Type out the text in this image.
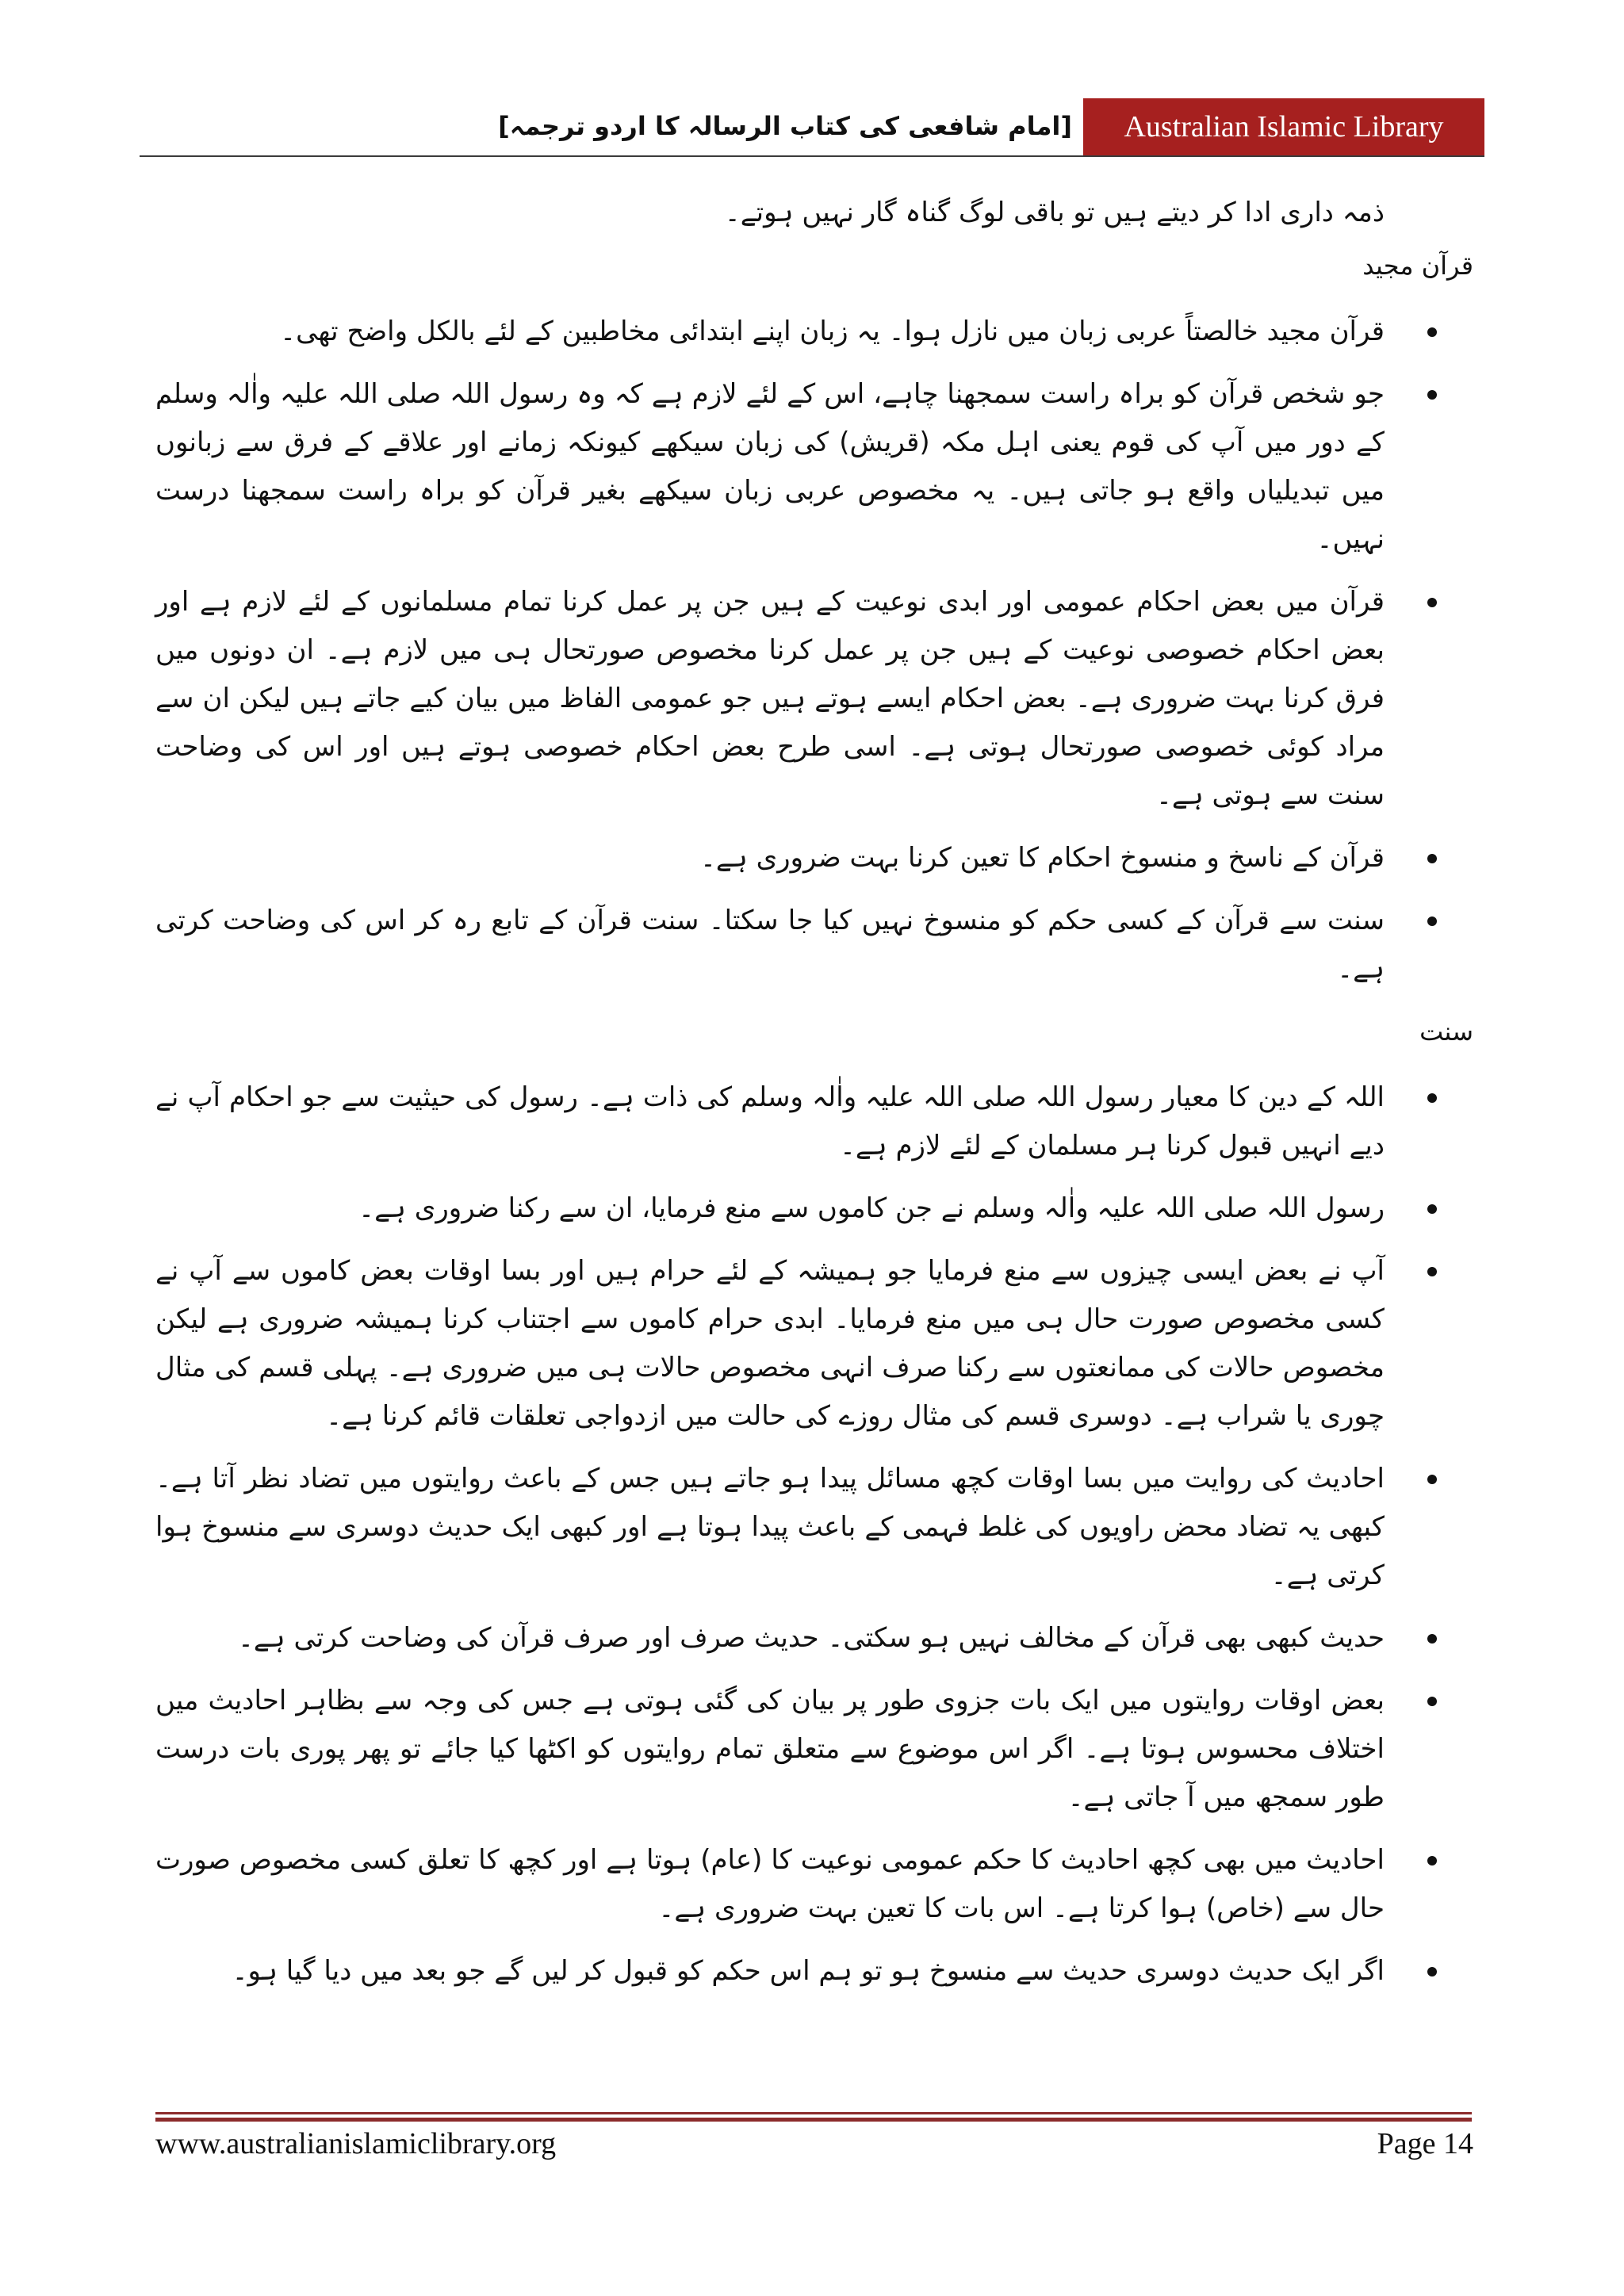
[امام شافعی کی کتاب الرسالہ کا اردو ترجمہ]	Australian Islamic Library

ذمہ داری ادا کر دیتے ہیں تو باقی لوگ گناہ گار نہیں ہوتے۔

قرآن مجید
قرآن مجید خالصتاً عربی زبان میں نازل ہوا۔ یہ زبان اپنے ابتدائی مخاطبین کے لئے بالکل واضح تھی۔
جو شخص قرآن کو براہ راست سمجھنا چاہے، اس کے لئے لازم ہے کہ وہ رسول اللہ صلی اللہ علیہ واٰلہ وسلم کے دور میں آپ کی قوم یعنی اہل مکہ (قریش) کی زبان سیکھے کیونکہ زمانے اور علاقے کے فرق سے زبانوں میں تبدیلیاں واقع ہو جاتی ہیں۔ یہ مخصوص عربی زبان سیکھے بغیر قرآن کو براہ راست سمجھنا درست نہیں۔
قرآن میں بعض احکام عمومی اور ابدی نوعیت کے ہیں جن پر عمل کرنا تمام مسلمانوں کے لئے لازم ہے اور بعض احکام خصوصی نوعیت کے ہیں جن پر عمل کرنا مخصوص صورتحال ہی میں لازم ہے۔ ان دونوں میں فرق کرنا بہت ضروری ہے۔ بعض احکام ایسے ہوتے ہیں جو عمومی الفاظ میں بیان کیے جاتے ہیں لیکن ان سے مراد کوئی خصوصی صورتحال ہوتی ہے۔ اسی طرح بعض احکام خصوصی ہوتے ہیں اور اس کی وضاحت سنت سے ہوتی ہے۔
قرآن کے ناسخ و منسوخ احکام کا تعین کرنا بہت ضروری ہے۔
سنت سے قرآن کے کسی حکم کو منسوخ نہیں کیا جا سکتا۔ سنت قرآن کے تابع رہ کر اس کی وضاحت کرتی ہے۔
سنت
اللہ کے دین کا معیار رسول اللہ صلی اللہ علیہ واٰلہ وسلم کی ذات ہے۔ رسول کی حیثیت سے جو احکام آپ نے دیے انہیں قبول کرنا ہر مسلمان کے لئے لازم ہے۔
رسول اللہ صلی اللہ علیہ واٰلہ وسلم نے جن کاموں سے منع فرمایا، ان سے رکنا ضروری ہے۔
آپ نے بعض ایسی چیزوں سے منع فرمایا جو ہمیشہ کے لئے حرام ہیں اور بسا اوقات بعض کاموں سے آپ نے کسی مخصوص صورت حال ہی میں منع فرمایا۔ ابدی حرام کاموں سے اجتناب کرنا ہمیشہ ضروری ہے لیکن مخصوص حالات کی ممانعتوں سے رکنا صرف انہی مخصوص حالات ہی میں ضروری ہے۔ پہلی قسم کی مثال چوری یا شراب ہے۔ دوسری قسم کی مثال روزے کی حالت میں ازدواجی تعلقات قائم کرنا ہے۔
احادیث کی روایت میں بسا اوقات کچھ مسائل پیدا ہو جاتے ہیں جس کے باعث روایتوں میں تضاد نظر آتا ہے۔ کبھی یہ تضاد محض راویوں کی غلط فہمی کے باعث پیدا ہوتا ہے اور کبھی ایک حدیث دوسری سے منسوخ ہوا کرتی ہے۔
حدیث کبھی بھی قرآن کے مخالف نہیں ہو سکتی۔ حدیث صرف اور صرف قرآن کی وضاحت کرتی ہے۔
بعض اوقات روایتوں میں ایک بات جزوی طور پر بیان کی گئی ہوتی ہے جس کی وجہ سے بظاہر احادیث میں اختلاف محسوس ہوتا ہے۔ اگر اس موضوع سے متعلق تمام روایتوں کو اکٹھا کیا جائے تو پھر پوری بات درست طور سمجھ میں آ جاتی ہے۔
احادیث میں بھی کچھ احادیث کا حکم عمومی نوعیت کا (عام) ہوتا ہے اور کچھ کا تعلق کسی مخصوص صورت حال سے (خاص) ہوا کرتا ہے۔ اس بات کا تعین بہت ضروری ہے۔
اگر ایک حدیث دوسری حدیث سے منسوخ ہو تو ہم اس حکم کو قبول کر لیں گے جو بعد میں دیا گیا ہو۔
www.australianislamiclibrary.org	Page 14
